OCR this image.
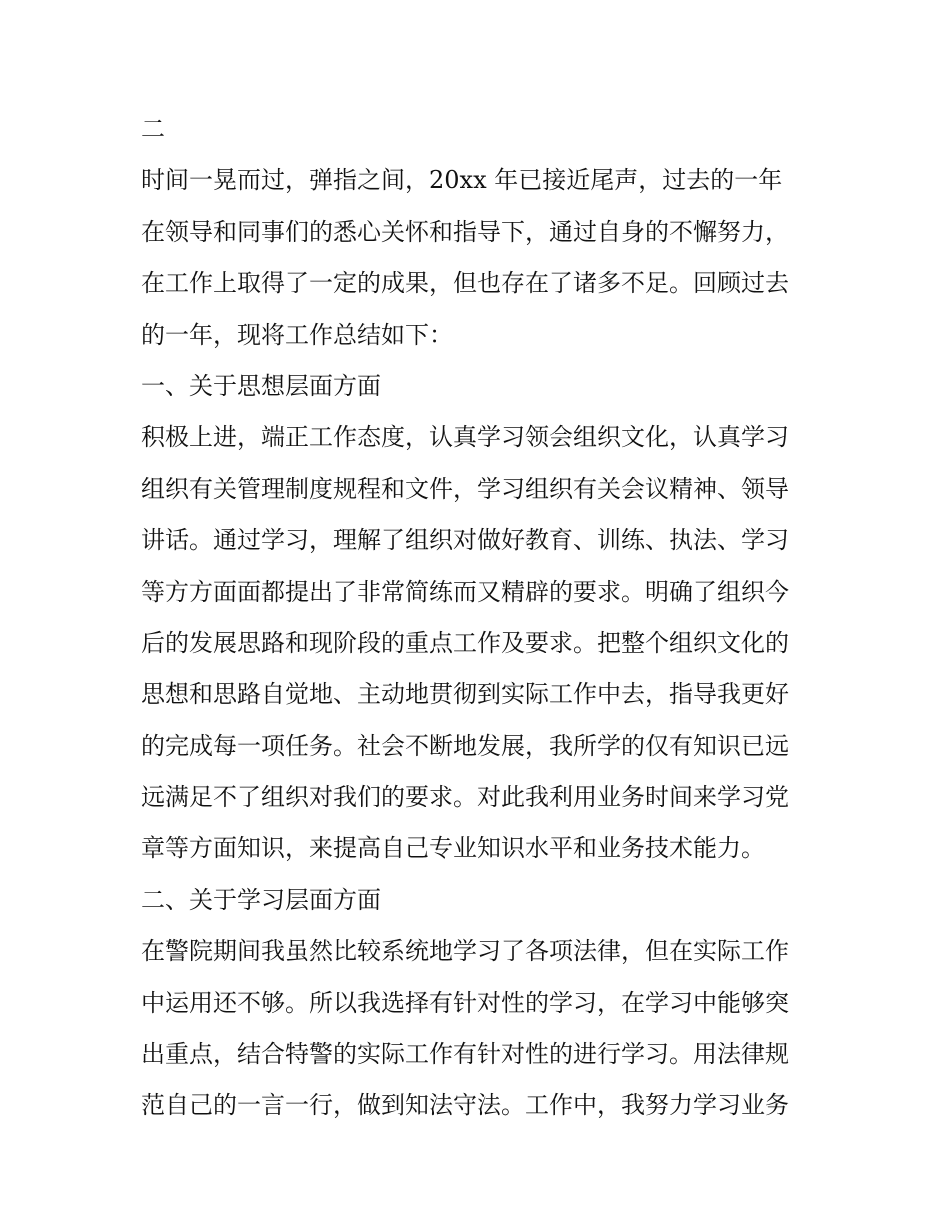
二
时间一晃而过，弹指之间，20xx 年已接近尾声，过去的一年
在领导和同事们的悉心关怀和指导下，通过自身的不懈努力，
在工作上取得了一定的成果，但也存在了诸多不足。回顾过去
的一年，现将工作总结如下：
一、关于思想层面方面
积极上进，端正工作态度，认真学习领会组织文化，认真学习
组织有关管理制度规程和文件，学习组织有关会议精神、领导
讲话。通过学习，理解了组织对做好教育、训练、执法、学习
等方方面面都提出了非常简练而又精辟的要求。明确了组织今
后的发展思路和现阶段的重点工作及要求。把整个组织文化的
思想和思路自觉地、主动地贯彻到实际工作中去，指导我更好
的完成每一项任务。社会不断地发展，我所学的仅有知识已远
远满足不了组织对我们的要求。对此我利用业务时间来学习党
章等方面知识，来提高自己专业知识水平和业务技术能力。
二、关于学习层面方面
在警院期间我虽然比较系统地学习了各项法律，但在实际工作
中运用还不够。所以我选择有针对性的学习，在学习中能够突
出重点，结合特警的实际工作有针对性的进行学习。用法律规
范自己的一言一行，做到知法守法。工作中，我努力学习业务
